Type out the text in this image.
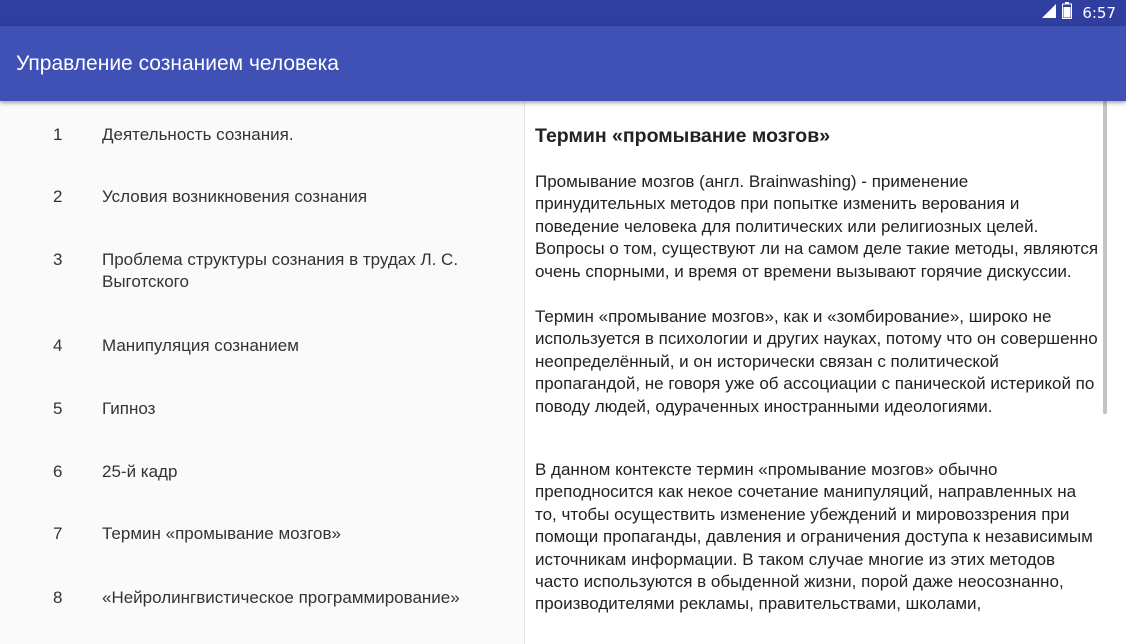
6:57
Управление сознанием человека
1 Деятельность сознания.
2 Условия возникновения сознания
3 Проблема структуры сознания в трудах Л. С. Выготского
4 Манипуляция сознанием
5 Гипноз
6 25-й кадр
7 Термин «промывание мозгов»
8 «Нейролингвистическое программирование»
Термин «промывание мозгов»

Промывание мозгов (англ. Brainwashing) - применение принудительных методов при попытке изменить верования и поведение человека для политических или религиозных целей. Вопросы о том, существуют ли на самом деле такие методы, являются очень спорными, и время от времени вызывают горячие дискуссии.

Термин «промывание мозгов», как и «зомбирование», широко не используется в психологии и других науках, потому что он совершенно неопределённый, и он исторически связан с политической пропагандой, не говоря уже об ассоциации с панической истерикой по поводу людей, одураченных иностранными идеологиями.

В данном контексте термин «промывание мозгов» обычно преподносится как некое сочетание манипуляций, направленных на то, чтобы осуществить изменение убеждений и мировоззрения при помощи пропаганды, давления и ограничения доступа к независимым источникам информации. В таком случае многие из этих методов часто используются в обыденной жизни, порой даже неосознанно, производителями рекламы, правительствами, школами,
